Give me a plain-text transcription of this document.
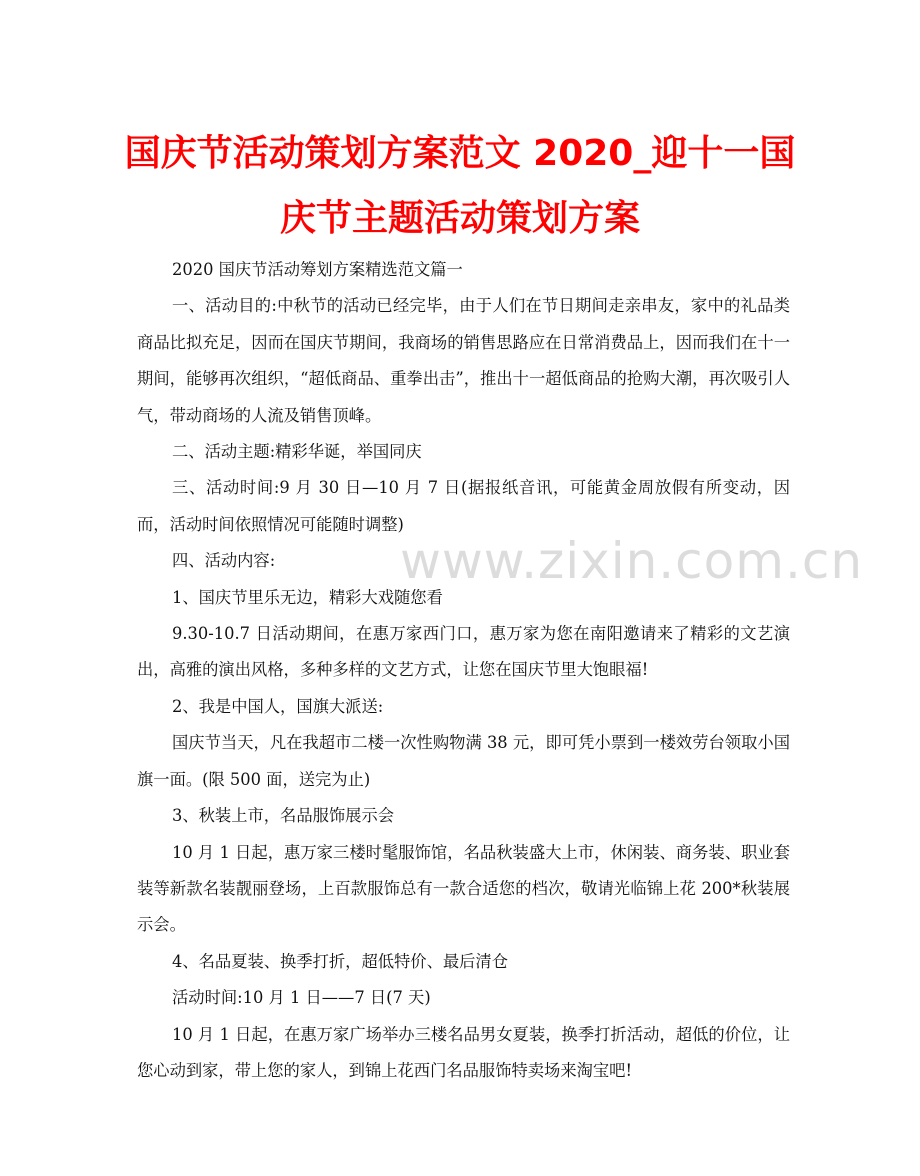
国庆节活动策划方案范文 2020_迎十一国
庆节主题活动策划方案

2020 国庆节活动筹划方案精选范文篇一

一、活动目的:中秋节的活动已经完毕，由于人们在节日期间走亲串友，家中的礼品类商品比拟充足，因而在国庆节期间，我商场的销售思路应在日常消费品上，因而我们在十一期间，能够再次组织，“超低商品、重拳出击”，推出十一超低商品的抢购大潮，再次吸引人气，带动商场的人流及销售顶峰。

二、活动主题:精彩华诞，举国同庆

三、活动时间:9 月 30 日—10 月 7 日(据报纸音讯，可能黄金周放假有所变动，因而，活动时间依照情况可能随时调整)

四、活动内容:

1、国庆节里乐无边，精彩大戏随您看

9.30-10.7 日活动期间，在惠万家西门口，惠万家为您在南阳邀请来了精彩的文艺演出，高雅的演出风格，多种多样的文艺方式，让您在国庆节里大饱眼福!

2、我是中国人，国旗大派送:

国庆节当天，凡在我超市二楼一次性购物满 38 元，即可凭小票到一楼效劳台领取小国旗一面。(限 500 面，送完为止)

3、秋装上市，名品服饰展示会

10 月 1 日起，惠万家三楼时髦服饰馆，名品秋装盛大上市，休闲装、商务装、职业套装等新款名装靓丽登场，上百款服饰总有一款合适您的档次，敬请光临锦上花 200*秋装展示会。

4、名品夏装、换季打折，超低特价、最后清仓

活动时间:10 月 1 日——7 日(7 天)

10 月 1 日起，在惠万家广场举办三楼名品男女夏装，换季打折活动，超低的价位，让您心动到家，带上您的家人，到锦上花西门名品服饰特卖场来淘宝吧!

www.zixin.com.cn
